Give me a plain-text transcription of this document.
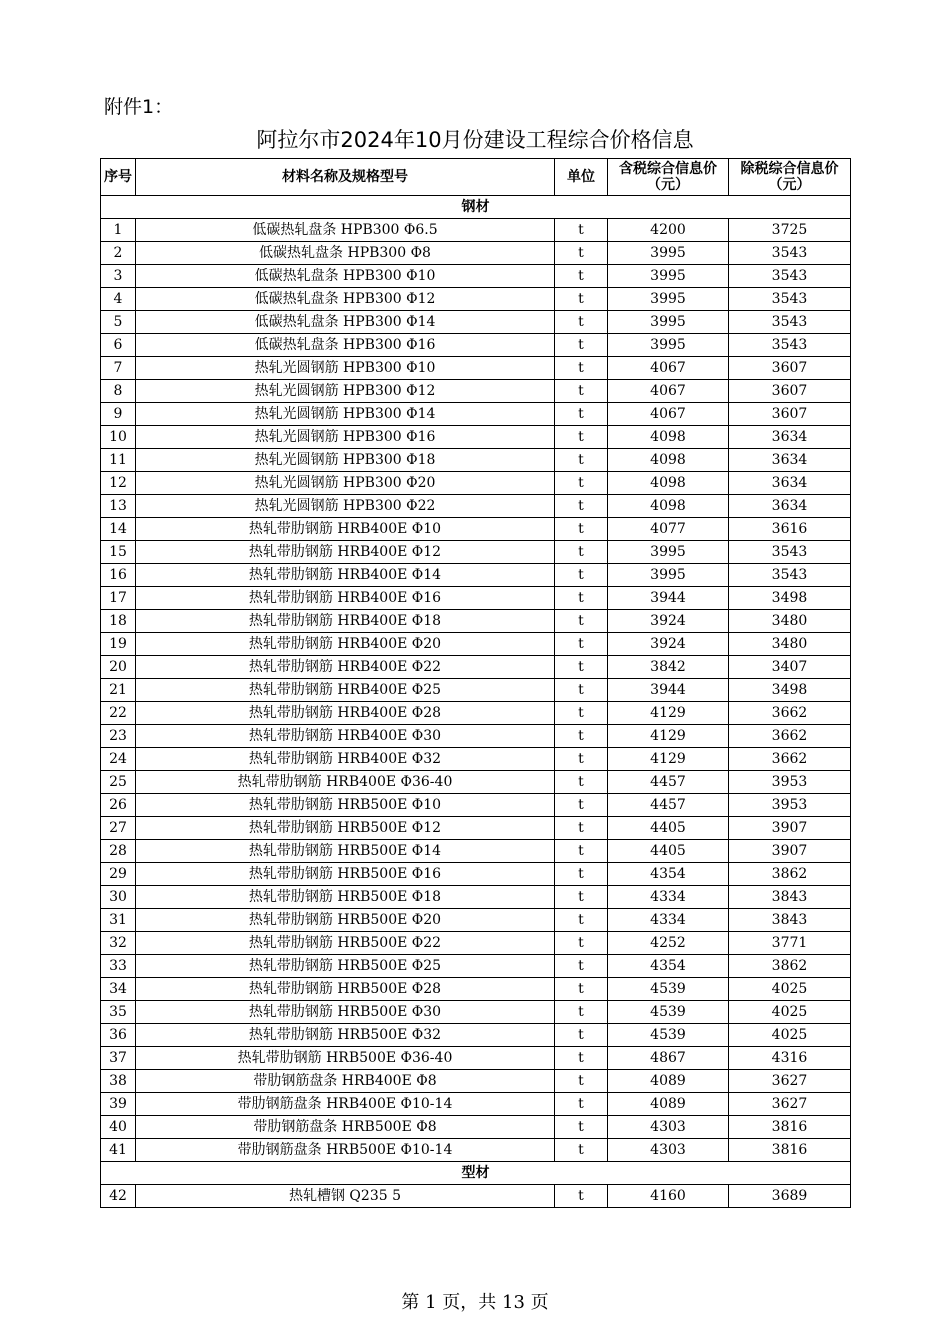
附件1：
阿拉尔市2024年10月份建设工程综合价格信息
序号	材料名称及规格型号	单位	含税综合信息价（元）	除税综合信息价（元）
钢材				
1	低碳热轧盘条 HPB300 Φ6.5	t	4200	3725
2	低碳热轧盘条 HPB300 Φ8	t	3995	3543
3	低碳热轧盘条 HPB300 Φ10	t	3995	3543
4	低碳热轧盘条 HPB300 Φ12	t	3995	3543
5	低碳热轧盘条 HPB300 Φ14	t	3995	3543
6	低碳热轧盘条 HPB300 Φ16	t	3995	3543
7	热轧光圆钢筋 HPB300 Φ10	t	4067	3607
8	热轧光圆钢筋 HPB300 Φ12	t	4067	3607
9	热轧光圆钢筋 HPB300 Φ14	t	4067	3607
10	热轧光圆钢筋 HPB300 Φ16	t	4098	3634
11	热轧光圆钢筋 HPB300 Φ18	t	4098	3634
12	热轧光圆钢筋 HPB300 Φ20	t	4098	3634
13	热轧光圆钢筋 HPB300 Φ22	t	4098	3634
14	热轧带肋钢筋 HRB400E Φ10	t	4077	3616
15	热轧带肋钢筋 HRB400E Φ12	t	3995	3543
16	热轧带肋钢筋 HRB400E Φ14	t	3995	3543
17	热轧带肋钢筋 HRB400E Φ16	t	3944	3498
18	热轧带肋钢筋 HRB400E Φ18	t	3924	3480
19	热轧带肋钢筋 HRB400E Φ20	t	3924	3480
20	热轧带肋钢筋 HRB400E Φ22	t	3842	3407
21	热轧带肋钢筋 HRB400E Φ25	t	3944	3498
22	热轧带肋钢筋 HRB400E Φ28	t	4129	3662
23	热轧带肋钢筋 HRB400E Φ30	t	4129	3662
24	热轧带肋钢筋 HRB400E Φ32	t	4129	3662
25	热轧带肋钢筋 HRB400E Φ36-40	t	4457	3953
26	热轧带肋钢筋 HRB500E Φ10	t	4457	3953
27	热轧带肋钢筋 HRB500E Φ12	t	4405	3907
28	热轧带肋钢筋 HRB500E Φ14	t	4405	3907
29	热轧带肋钢筋 HRB500E Φ16	t	4354	3862
30	热轧带肋钢筋 HRB500E Φ18	t	4334	3843
31	热轧带肋钢筋 HRB500E Φ20	t	4334	3843
32	热轧带肋钢筋 HRB500E Φ22	t	4252	3771
33	热轧带肋钢筋 HRB500E Φ25	t	4354	3862
34	热轧带肋钢筋 HRB500E Φ28	t	4539	4025
35	热轧带肋钢筋 HRB500E Φ30	t	4539	4025
36	热轧带肋钢筋 HRB500E Φ32	t	4539	4025
37	热轧带肋钢筋 HRB500E Φ36-40	t	4867	4316
38	带肋钢筋盘条 HRB400E Φ8	t	4089	3627
39	带肋钢筋盘条 HRB400E Φ10-14	t	4089	3627
40	带肋钢筋盘条 HRB500E Φ8	t	4303	3816
41	带肋钢筋盘条 HRB500E Φ10-14	t	4303	3816
型材				
42	热轧槽钢 Q235 5	t	4160	3689
第 1 页，共 13 页
